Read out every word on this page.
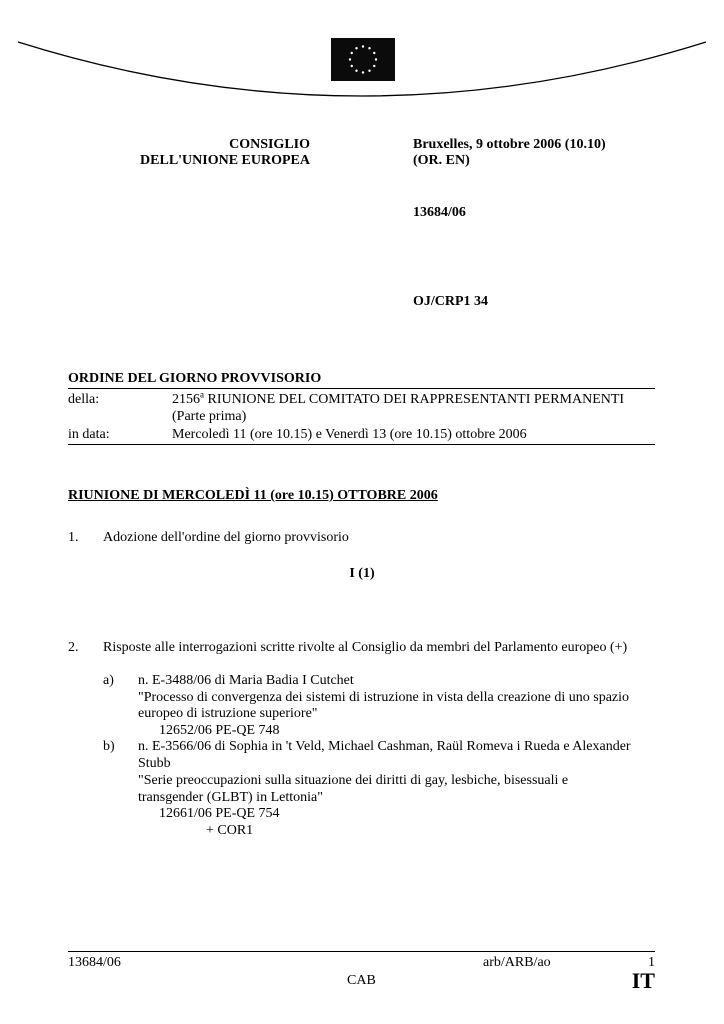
CONSIGLIO
DELL'UNIONE EUROPEA
Bruxelles, 9 ottobre 2006 (10.10)
(OR. EN)
13684/06
OJ/CRP1 34
ORDINE DEL GIORNO PROVVISORIO
della:	2156$^a$ RIUNIONE DEL COMITATO DEI RAPPRESENTANTI PERMANENTI
(Parte prima)
in data:	Mercoledì 11 (ore 10.15) e Venerdì 13 (ore 10.15) ottobre 2006
RIUNIONE DI MERCOLEDÌ 11 (ore 10.15) OTTOBRE 2006
1. Adozione dell'ordine del giorno provvisorio
I (1)
2. Risposte alle interrogazioni scritte rivolte al Consiglio da membri del Parlamento europeo (+)
a) n. E-3488/06 di Maria Badia I Cutchet
"Processo di convergenza dei sistemi di istruzione in vista della creazione di uno spazio
europeo di istruzione superiore"
12652/06 PE-QE 748
b) n. E-3566/06 di Sophia in 't Veld, Michael Cashman, Raül Romeva i Rueda e Alexander
Stubb
"Serie preoccupazioni sulla situazione dei diritti di gay, lesbiche, bisessuali e
transgender (GLBT) in Lettonia"
12661/06 PE-QE 754
+ COR1
13684/06	arb/ARB/ao	1
CAB	IT
